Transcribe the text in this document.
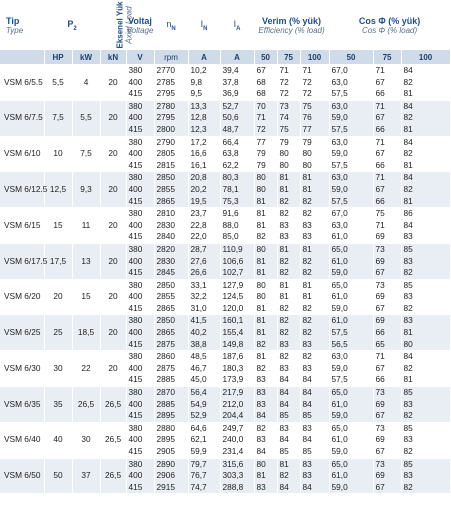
Tip
Type	$P_2$		Eksenel Yük Axial Load	Voltaj
Voltage	$n_N$	$I_N$	$I_A$	Verim (% yük)
Efficiency (% load)			Cos Φ (% yük)
Cos Φ (% load)		

	HP	kW	kN	V	rpm	A	A	50	75	100	50	75	100
VSM 6/5.5	5,5	4	20	380	2770	10,2	39,4	67	71	71	67,0	71	84
				400	2785	9,8	37,8	68	72	72	63,0	67	82
				415	2795	9,5	36,9	68	72	72	57,5	66	81
VSM 6/7.5	7,5	5,5	20	380	2780	13,3	52,7	70	73	75	63,0	71	84
				400	2795	12,8	50,6	71	74	76	59,0	67	82
				415	2800	12,3	48,7	72	75	77	57,5	66	81
VSM 6/10	10	7,5	20	380	2790	17,2	66,4	77	79	79	63,0	71	84
				400	2805	16,6	63,8	79	80	80	59,0	67	82
				415	2815	16,1	62,2	79	80	80	57,5	66	81
VSM 6/12.5	12,5	9,3	20	380	2850	20,8	80,3	80	81	81	63,0	71	84
				400	2855	20,2	78,1	80	81	81	59,0	67	82
				415	2865	19,5	75,3	81	82	82	57,5	66	81
VSM 6/15	15	11	20	380	2810	23,7	91,6	81	82	82	67,0	75	86
				400	2830	22,8	88,0	81	83	83	63,0	71	84
				415	2840	22,0	85,0	82	83	83	61,0	69	83
VSM 6/17.5	17,5	13	20	380	2820	28,7	110,9	80	81	81	65,0	73	85
				400	2830	27,6	106,6	81	82	82	61,0	69	83
				415	2845	26,6	102,7	81	82	82	59,0	67	82
VSM 6/20	20	15	20	380	2850	33,1	127,9	80	81	81	65,0	73	85
				400	2855	32,2	124,5	80	81	81	61,0	69	83
				415	2865	31,0	120,0	81	82	82	59,0	67	82
VSM 6/25	25	18,5	20	380	2850	41,5	160,1	81	82	82	61,0	69	83
				400	2865	40,2	155,4	81	82	82	57,5	66	81
				415	2875	38,8	149,8	82	83	83	56,5	65	80
VSM 6/30	30	22	20	380	2860	48,5	187,6	81	82	82	63,0	71	84
				400	2875	46,7	180,3	82	83	83	59,0	67	82
				415	2885	45,0	173,9	83	84	84	57,5	66	81
VSM 6/35	35	26,5	26,5	380	2870	56,4	217,9	83	84	84	65,0	73	85
				400	2885	54,9	212,0	83	84	84	61,0	69	83
				415	2895	52,9	204,4	84	85	85	59,0	67	82
VSM 6/40	40	30	26,5	380	2880	64,6	249,7	82	83	83	65,0	73	85
				400	2895	62,1	240,0	83	84	84	61,0	69	83
				415	2905	59,9	231,4	84	85	85	59,0	67	82
VSM 6/50	50	37	26,5	380	2890	79,7	315,6	80	81	83	65,0	73	85
				400	2906	76,7	303,3	81	82	83	61,0	69	83
				415	2915	74,7	288,8	83	84	84	59,0	67	82
